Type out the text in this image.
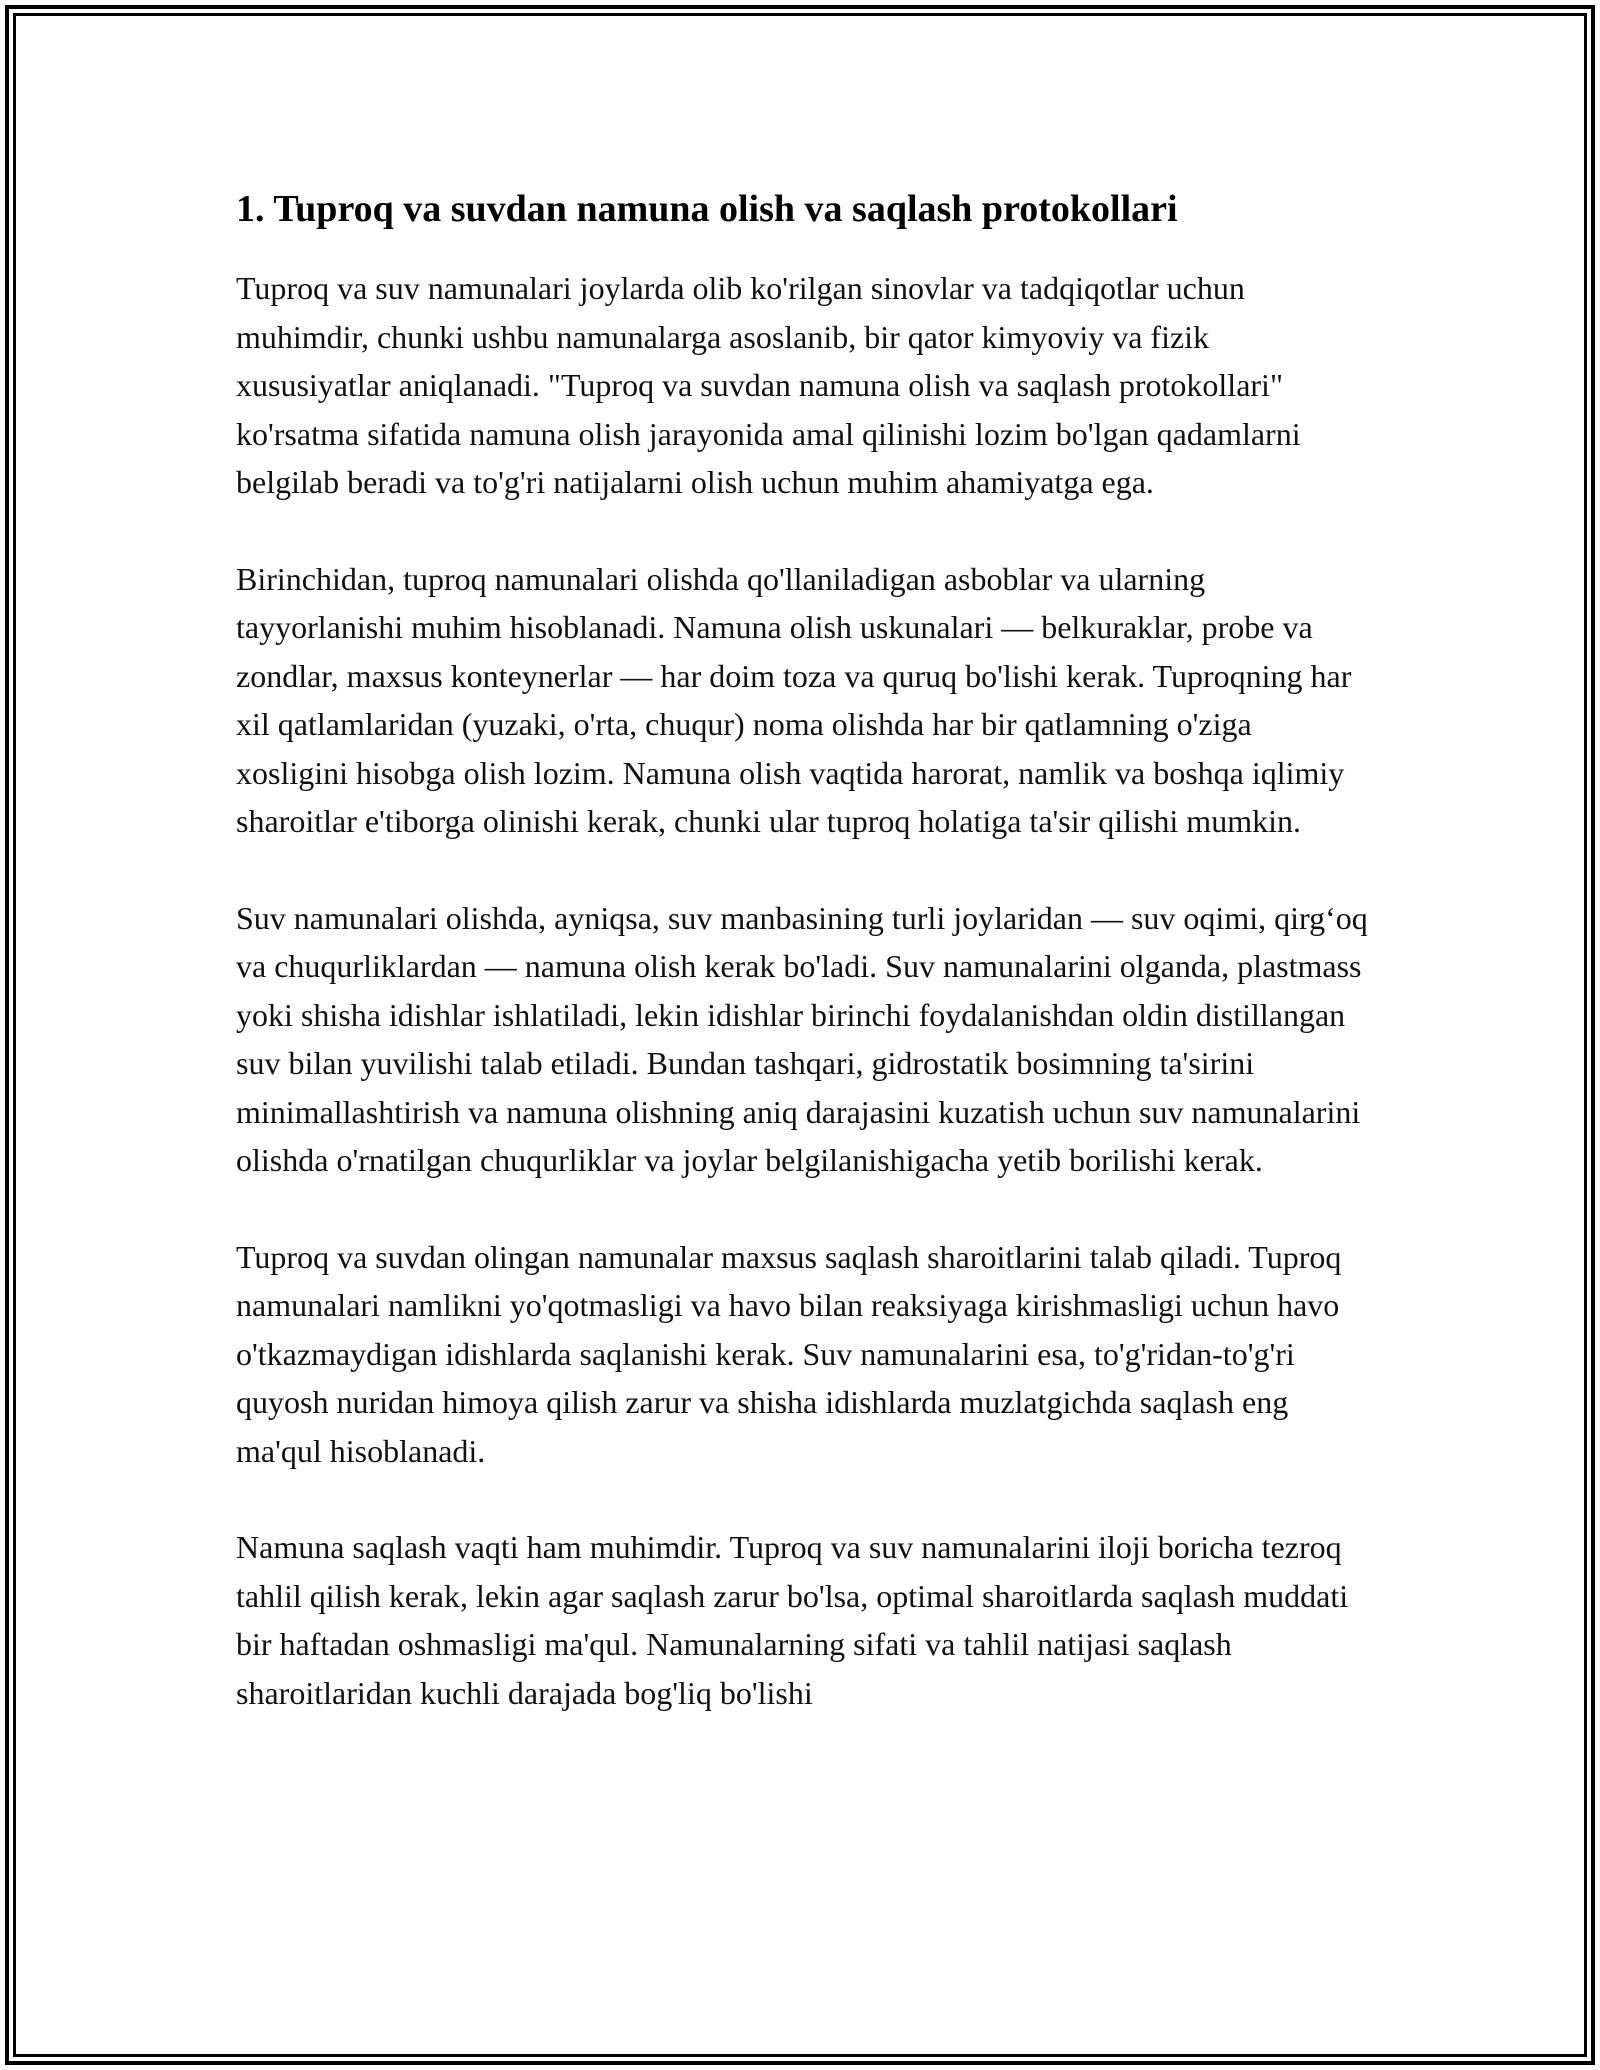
1. Tuproq va suvdan namuna olish va saqlash protokollari

Tuproq va suv namunalari joylarda olib ko'rilgan sinovlar va tadqiqotlar uchun muhimdir, chunki ushbu namunalarga asoslanib, bir qator kimyoviy va fizik xususiyatlar aniqlanadi. "Tuproq va suvdan namuna olish va saqlash protokollari" ko'rsatma sifatida namuna olish jarayonida amal qilinishi lozim bo'lgan qadamlarni belgilab beradi va to'g'ri natijalarni olish uchun muhim ahamiyatga ega.

Birinchidan, tuproq namunalari olishda qo'llaniladigan asboblar va ularning tayyorlanishi muhim hisoblanadi. Namuna olish uskunalari — belkuraklar, probe va zondlar, maxsus konteynerlar — har doim toza va quruq bo'lishi kerak. Tuproqning har xil qatlamlaridan (yuzaki, o'rta, chuqur) noma olishda har bir qatlamning o'ziga xosligini hisobga olish lozim. Namuna olish vaqtida harorat, namlik va boshqa iqlimiy sharoitlar e'tiborga olinishi kerak, chunki ular tuproq holatiga ta'sir qilishi mumkin.

Suv namunalari olishda, ayniqsa, suv manbasining turli joylaridan — suv oqimi, qirg‘oq va chuqurliklardan — namuna olish kerak bo'ladi. Suv namunalarini olganda, plastmass yoki shisha idishlar ishlatiladi, lekin idishlar birinchi foydalanishdan oldin distillangan suv bilan yuvilishi talab etiladi. Bundan tashqari, gidrostatik bosimning ta'sirini minimallashtirish va namuna olishning aniq darajasini kuzatish uchun suv namunalarini olishda o'rnatilgan chuqurliklar va joylar belgilanishigacha yetib borilishi kerak.

Tuproq va suvdan olingan namunalar maxsus saqlash sharoitlarini talab qiladi. Tuproq namunalari namlikni yo'qotmasligi va havo bilan reaksiyaga kirishmasligi uchun havo o'tkazmaydigan idishlarda saqlanishi kerak. Suv namunalarini esa, to'g'ridan-to'g'ri quyosh nuridan himoya qilish zarur va shisha idishlarda muzlatgichda saqlash eng ma'qul hisoblanadi.

Namuna saqlash vaqti ham muhimdir. Tuproq va suv namunalarini iloji boricha tezroq tahlil qilish kerak, lekin agar saqlash zarur bo'lsa, optimal sharoitlarda saqlash muddati bir haftadan oshmasligi ma'qul. Namunalarning sifati va tahlil natijasi saqlash sharoitlaridan kuchli darajada bog'liq bo'lishi
